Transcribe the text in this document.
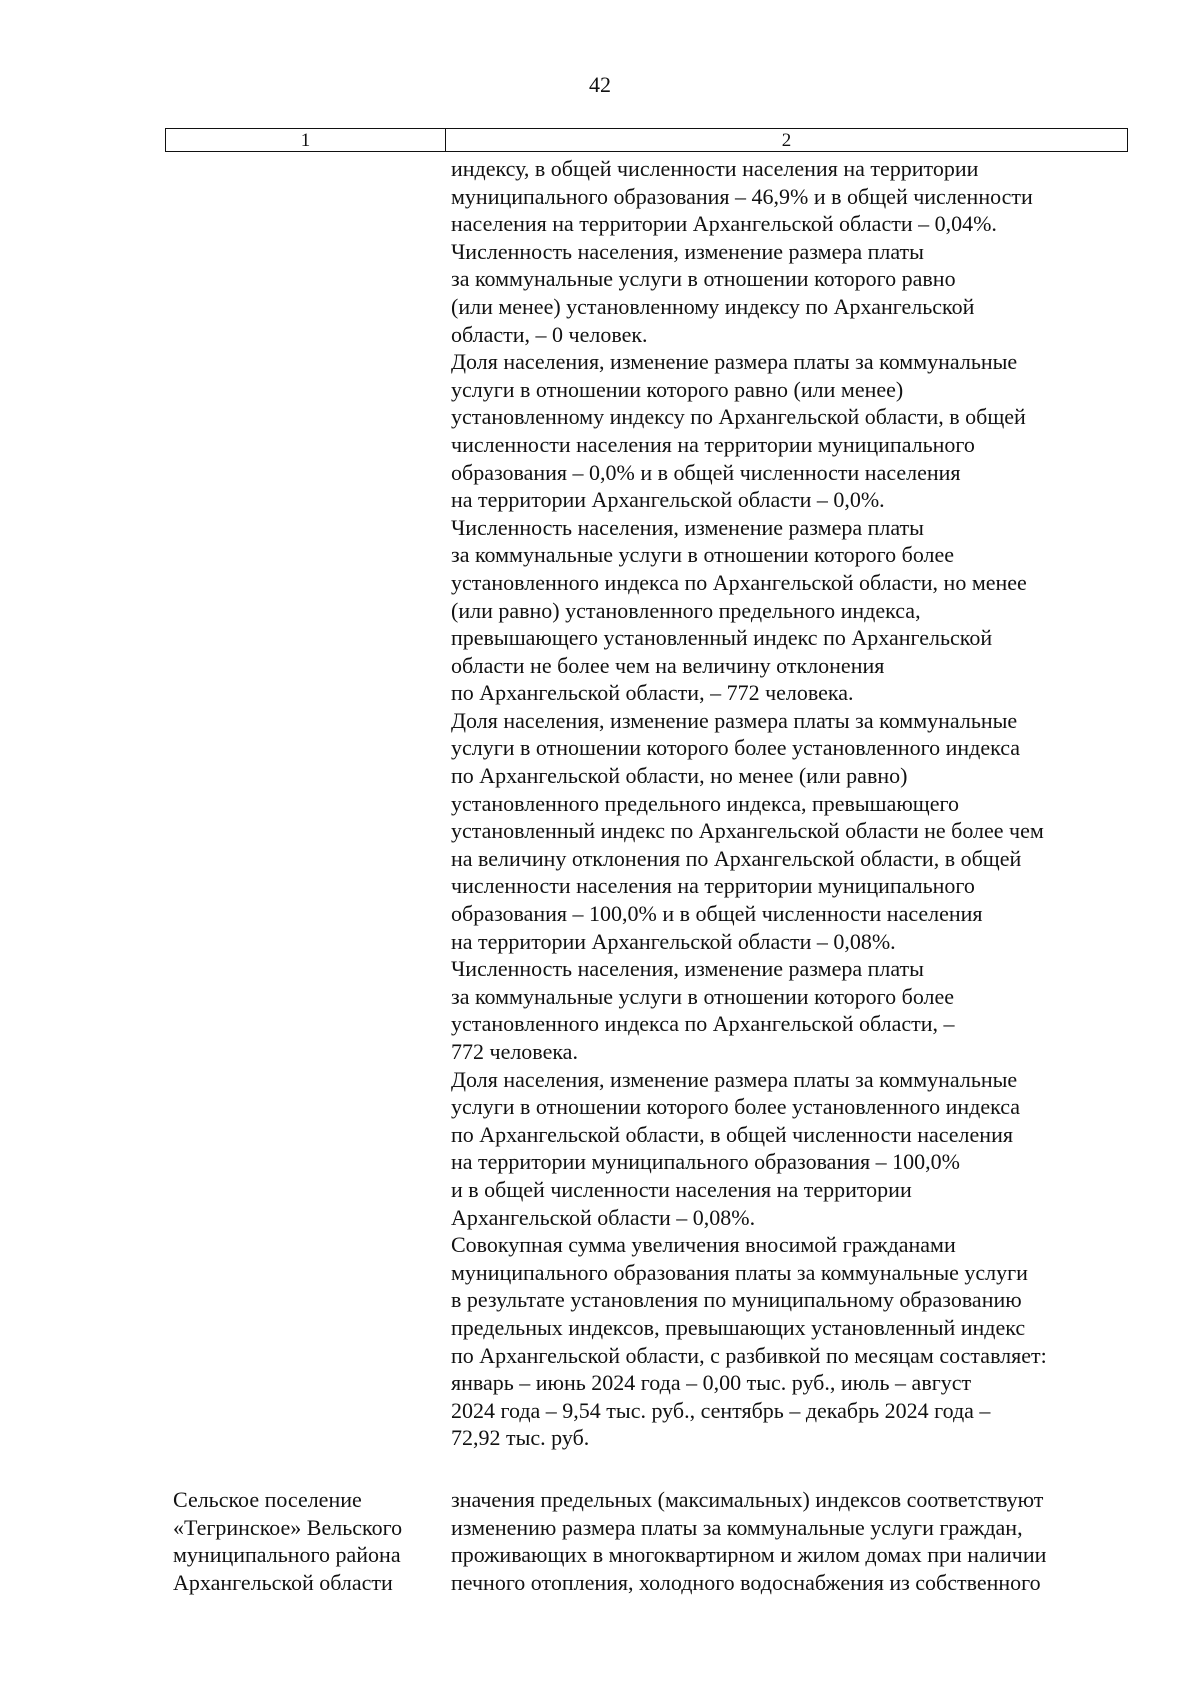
42
1	2
индексу, в общей численности населения на территории
муниципального образования – 46,9% и в общей численности
населения на территории Архангельской области – 0,04%.
Численность населения, изменение размера платы
за коммунальные услуги в отношении которого равно
(или менее) установленному индексу по Архангельской
области, – 0 человек.
Доля населения, изменение размера платы за коммунальные
услуги в отношении которого равно (или менее)
установленному индексу по Архангельской области, в общей
численности населения на территории муниципального
образования – 0,0% и в общей численности населения
на территории Архангельской области – 0,0%.
Численность населения, изменение размера платы
за коммунальные услуги в отношении которого более
установленного индекса по Архангельской области, но менее
(или равно) установленного предельного индекса,
превышающего установленный индекс по Архангельской
области не более чем на величину отклонения
по Архангельской области, – 772 человека.
Доля населения, изменение размера платы за коммунальные
услуги в отношении которого более установленного индекса
по Архангельской области, но менее (или равно)
установленного предельного индекса, превышающего
установленный индекс по Архангельской области не более чем
на величину отклонения по Архангельской области, в общей
численности населения на территории муниципального
образования – 100,0% и в общей численности населения
на территории Архангельской области – 0,08%.
Численность населения, изменение размера платы
за коммунальные услуги в отношении которого более
установленного индекса по Архангельской области, –
772 человека.
Доля населения, изменение размера платы за коммунальные
услуги в отношении которого более установленного индекса
по Архангельской области, в общей численности населения
на территории муниципального образования – 100,0%
и в общей численности населения на территории
Архангельской области – 0,08%.
Совокупная сумма увеличения вносимой гражданами
муниципального образования платы за коммунальные услуги
в результате установления по муниципальному образованию
предельных индексов, превышающих установленный индекс
по Архангельской области, с разбивкой по месяцам составляет:
январь – июнь 2024 года – 0,00 тыс. руб., июль – август
2024 года – 9,54 тыс. руб., сентябрь – декабрь 2024 года –
72,92 тыс. руб.
Сельское поселение
«Тегринское» Вельского
муниципального района
Архангельской области
значения предельных (максимальных) индексов соответствуют
изменению размера платы за коммунальные услуги граждан,
проживающих в многоквартирном и жилом домах при наличии
печного отопления, холодного водоснабжения из собственного
